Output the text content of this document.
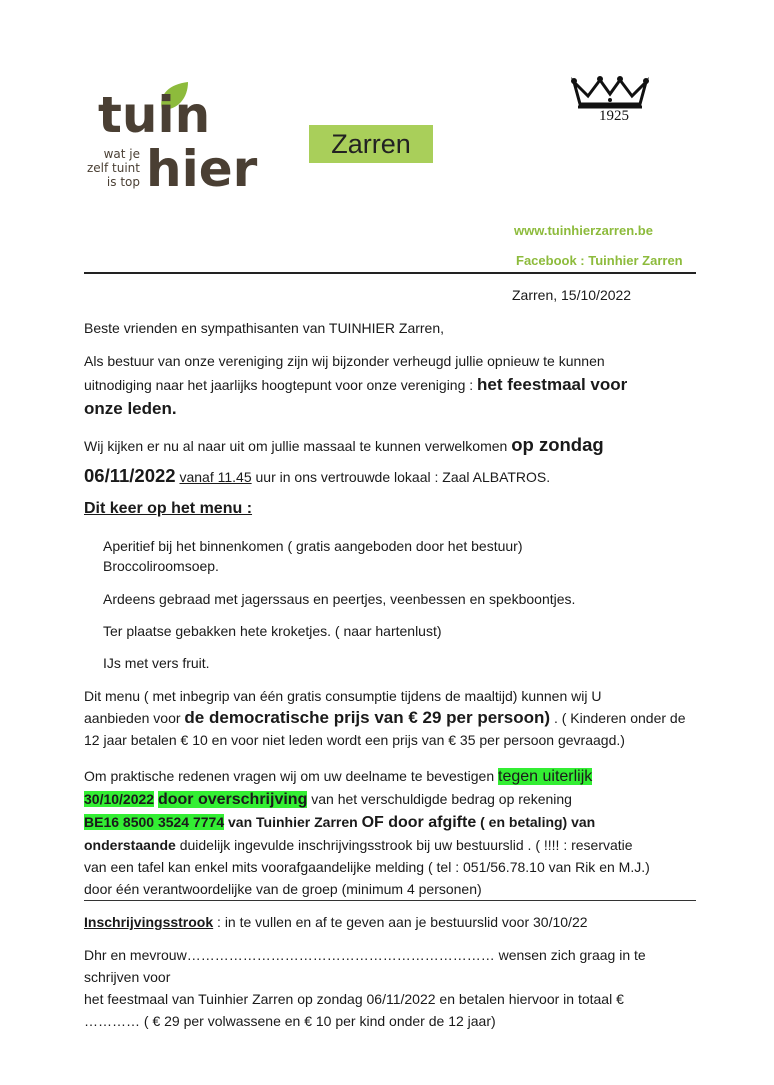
tuin
hier
wat je
zelf tuint
is top
Zarren
1925
www.tuinhierzarren.be
Facebook : Tuinhier Zarren
Zarren, 15/10/2022
Beste vrienden en sympathisanten van TUINHIER Zarren,
Als bestuur van onze vereniging zijn wij bijzonder verheugd jullie opnieuw te kunnen
uitnodiging naar het jaarlijks hoogtepunt voor onze vereniging : het feestmaal voor
onze leden.
Wij kijken er nu al naar uit om jullie massaal te kunnen verwelkomen op zondag
06/11/2022 vanaf 11.45 uur in ons vertrouwde lokaal : Zaal ALBATROS.
Dit keer op het menu :
Aperitief bij het binnenkomen ( gratis aangeboden door het bestuur)
Broccoliroomsoep.
Ardeens gebraad met jagerssaus en peertjes, veenbessen en spekboontjes.
Ter plaatse gebakken hete kroketjes. ( naar hartenlust)
IJs met vers fruit.
Dit menu ( met inbegrip van één gratis consumptie tijdens de maaltijd) kunnen wij U
aanbieden voor de democratische prijs van € 29 per persoon) . ( Kinderen onder de
12 jaar betalen € 10 en voor niet leden wordt een prijs van € 35 per persoon gevraagd.)
Om praktische redenen vragen wij om uw deelname te bevestigen tegen uiterlijk
30/10/2022 door overschrijving van het verschuldigde bedrag op rekening
BE16 8500 3524 7774 van Tuinhier Zarren OF door afgifte ( en betaling) van
onderstaande duidelijk ingevulde inschrijvingsstrook bij uw bestuurslid . ( !!!! : reservatie
van een tafel kan enkel mits voorafgaandelijke melding ( tel : 051/56.78.10 van Rik en M.J.)
door één verantwoordelijke van de groep (minimum 4 personen)
Inschrijvingsstrook : in te vullen en af te geven aan je bestuurslid voor 30/10/22
Dhr en mevrouw………………………………………………………… wensen zich graag in te schrijven voor
het feestmaal van Tuinhier Zarren op zondag 06/11/2022 en betalen hiervoor in totaal €
………… ( € 29 per volwassene en € 10 per kind onder de 12 jaar)
